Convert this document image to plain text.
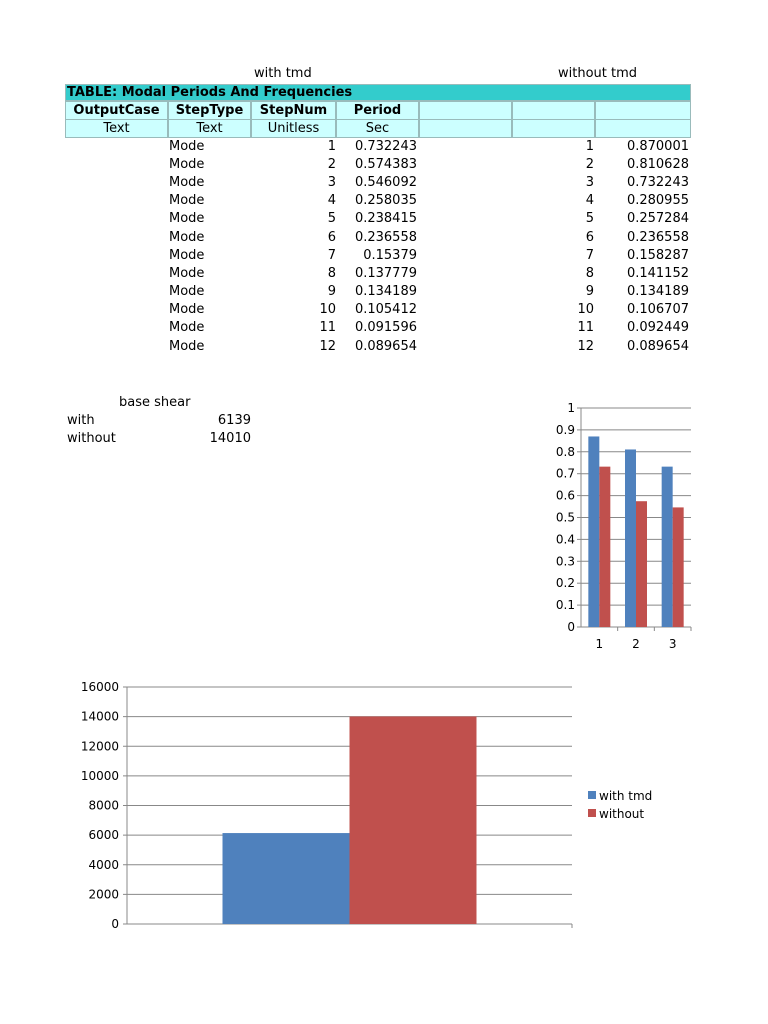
with tmd	without tmd
TABLE: Modal Periods And Frequencies
OutputCase	StepType	StepNum	Period
Text	Text	Unitless	Sec
Mode	1 0.732243	1	0.870001
Mode	2 0.574383	2	0.810628
Mode	3 0.546092	3	0.732243
Mode	4 0.258035	4	0.280955
Mode	5 0.238415	5	0.257284
Mode	6 0.236558	6	0.236558
Mode	7 0.15379	7	0.158287
Mode	8 0.137779	8	0.141152
Mode	9 0.134189	9	0.134189
Mode	10 0.105412	10	0.106707
Mode	11 0.091596	11	0.092449
Mode	12 0.089654	12	0.089654
base shear
with	6139
without	14010
0
0.1
0.2
0.3
0.4
0.5
0.6
0.7
0.8
0.9
1
1 2 3
0
2000
4000
6000
8000
10000
12000
14000
16000
with tmd
without
